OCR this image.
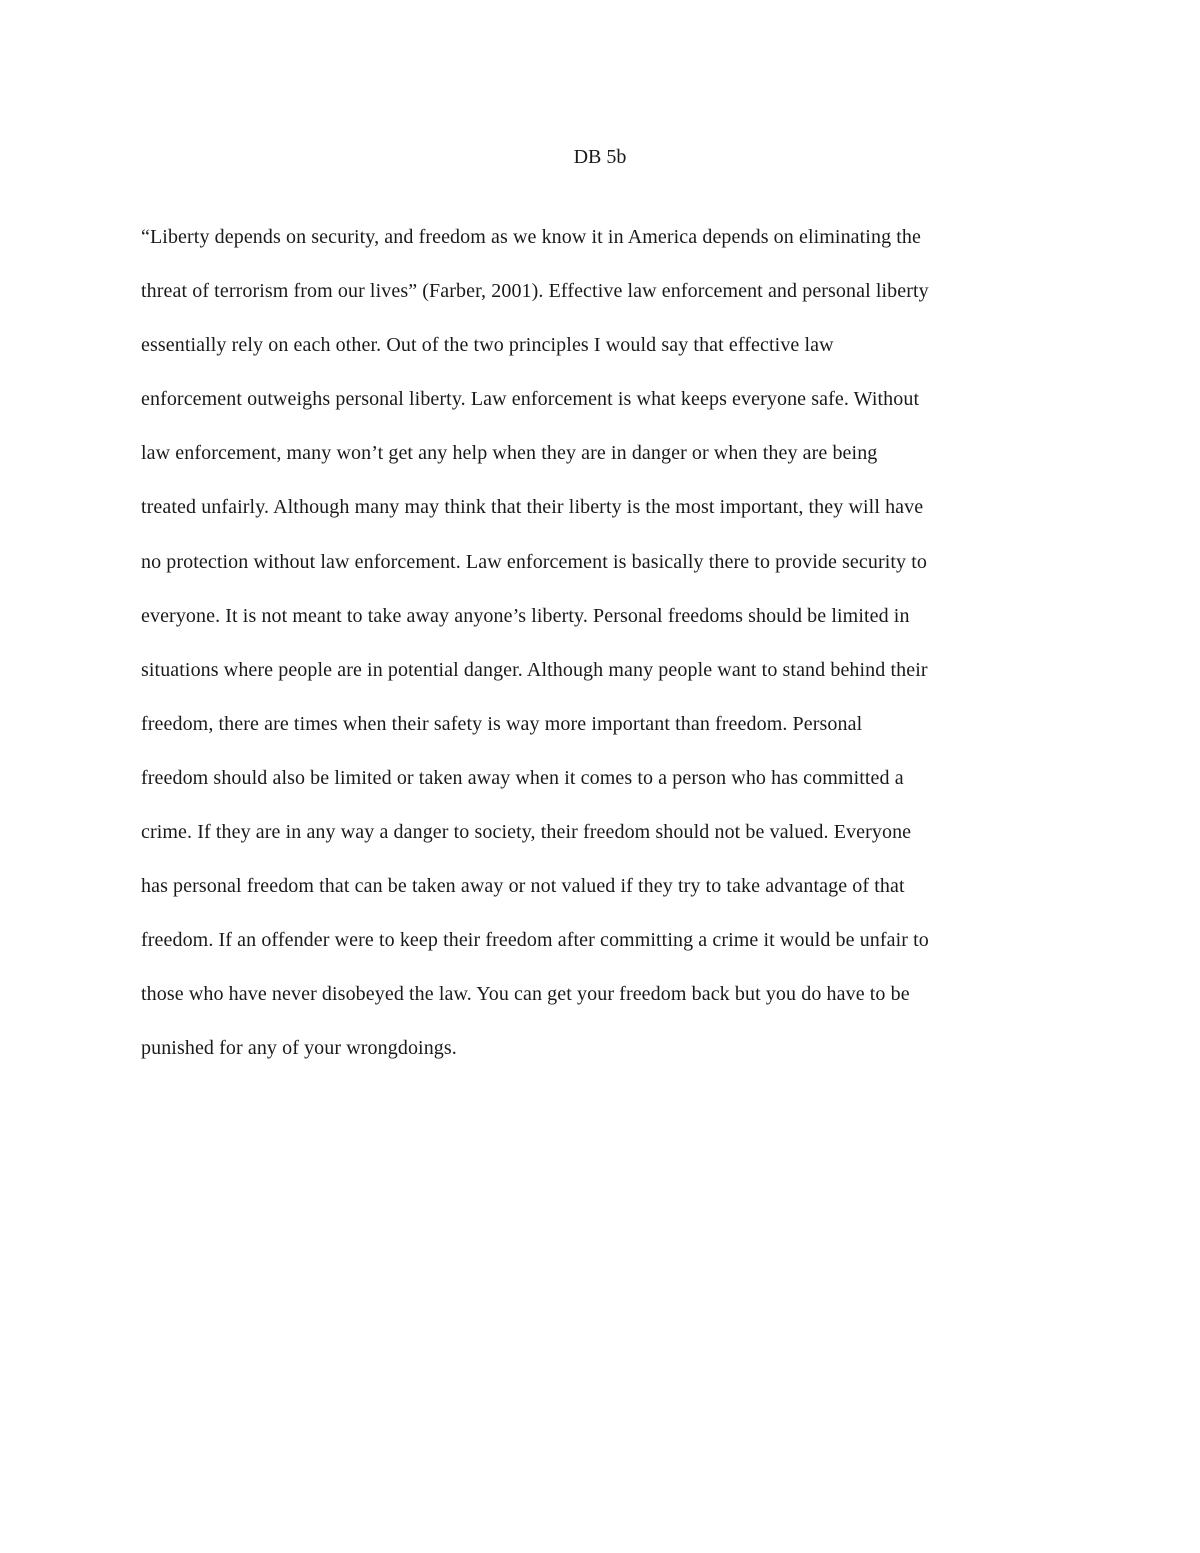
DB 5b
“Liberty depends on security, and freedom as we know it in America depends on eliminating the
threat of terrorism from our lives” (Farber, 2001). Effective law enforcement and personal liberty
essentially rely on each other. Out of the two principles I would say that effective law
enforcement outweighs personal liberty. Law enforcement is what keeps everyone safe. Without
law enforcement, many won’t get any help when they are in danger or when they are being
treated unfairly. Although many may think that their liberty is the most important, they will have
no protection without law enforcement. Law enforcement is basically there to provide security to
everyone. It is not meant to take away anyone’s liberty. Personal freedoms should be limited in
situations where people are in potential danger. Although many people want to stand behind their
freedom, there are times when their safety is way more important than freedom. Personal
freedom should also be limited or taken away when it comes to a person who has committed a
crime. If they are in any way a danger to society, their freedom should not be valued. Everyone
has personal freedom that can be taken away or not valued if they try to take advantage of that
freedom. If an offender were to keep their freedom after committing a crime it would be unfair to
those who have never disobeyed the law. You can get your freedom back but you do have to be
punished for any of your wrongdoings.
